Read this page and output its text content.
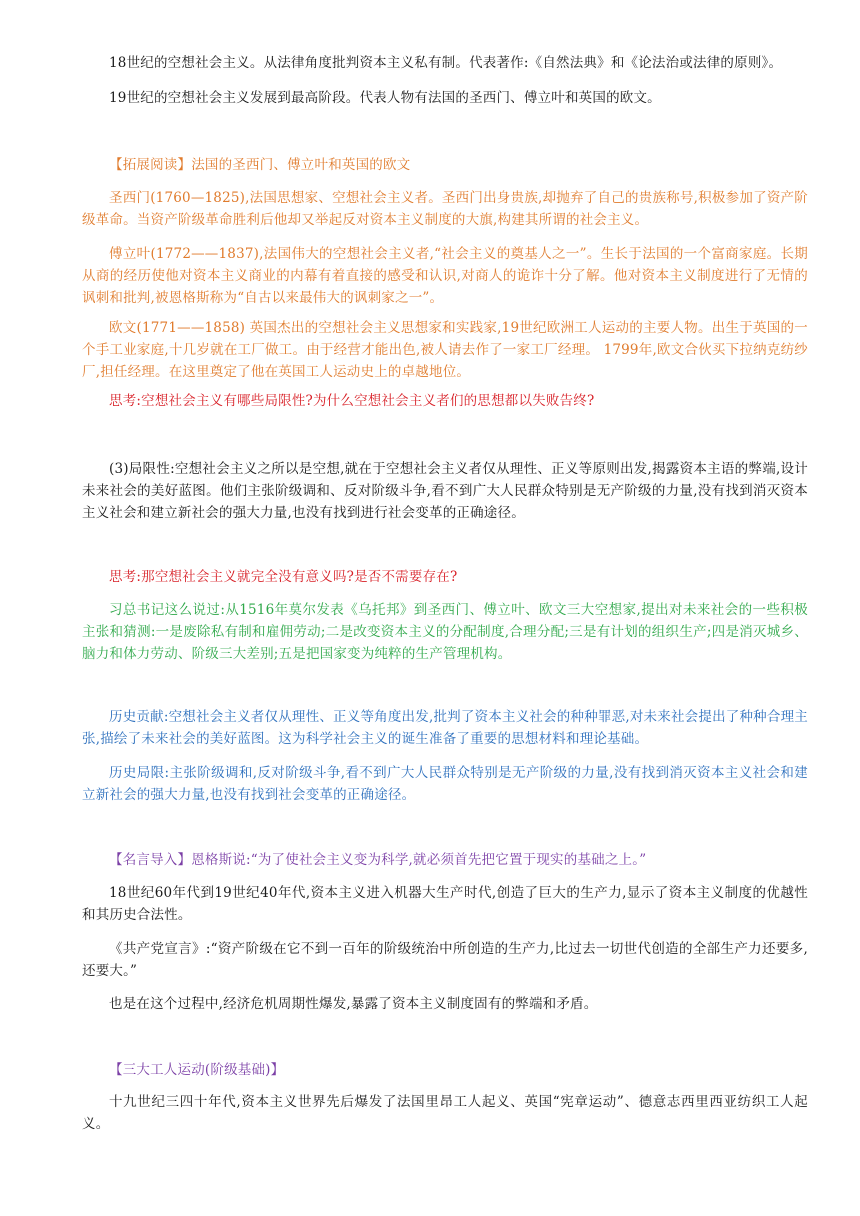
18世纪的空想社会主义。从法律角度批判资本主义私有制。代表著作:《自然法典》和《论法治或法律的原则》。

19世纪的空想社会主义发展到最高阶段。代表人物有法国的圣西门、傅立叶和英国的欧文。

【拓展阅读】法国的圣西门、傅立叶和英国的欧文

圣西门(1760—1825),法国思想家、空想社会主义者。圣西门出身贵族,却抛弃了自己的贵族称号,积极参加了资产阶级革命。当资产阶级革命胜利后他却又举起反对资本主义制度的大旗,构建其所谓的社会主义。

傅立叶(1772——1837),法国伟大的空想社会主义者,“社会主义的奠基人之一”。生长于法国的一个富商家庭。长期从商的经历使他对资本主义商业的内幕有着直接的感受和认识,对商人的诡诈十分了解。他对资本主义制度进行了无情的讽刺和批判,被恩格斯称为“自古以来最伟大的讽刺家之一”。

欧文(1771——1858) 英国杰出的空想社会主义思想家和实践家,19世纪欧洲工人运动的主要人物。出生于英国的一个手工业家庭,十几岁就在工厂做工。由于经营才能出色,被人请去作了一家工厂经理。 1799年,欧文合伙买下拉纳克纺纱厂,担任经理。在这里奠定了他在英国工人运动史上的卓越地位。

思考:空想社会主义有哪些局限性?为什么空想社会主义者们的思想都以失败告终?

(3)局限性:空想社会主义之所以是空想,就在于空想社会主义者仅从理性、正义等原则出发,揭露资本主语的弊端,设计未来社会的美好蓝图。他们主张阶级调和、反对阶级斗争,看不到广大人民群众特别是无产阶级的力量,没有找到消灭资本主义社会和建立新社会的强大力量,也没有找到进行社会变革的正确途径。

思考:那空想社会主义就完全没有意义吗?是否不需要存在?

习总书记这么说过:从1516年莫尔发表《乌托邦》到圣西门、傅立叶、欧文三大空想家,提出对未来社会的一些积极主张和猜测:一是废除私有制和雇佣劳动;二是改变资本主义的分配制度,合理分配;三是有计划的组织生产;四是消灭城乡、脑力和体力劳动、阶级三大差别;五是把国家变为纯粹的生产管理机构。

历史贡献:空想社会主义者仅从理性、正义等角度出发,批判了资本主义社会的种种罪恶,对未来社会提出了种种合理主张,描绘了未来社会的美好蓝图。这为科学社会主义的诞生准备了重要的思想材料和理论基础。

历史局限:主张阶级调和,反对阶级斗争,看不到广大人民群众特别是无产阶级的力量,没有找到消灭资本主义社会和建立新社会的强大力量,也没有找到社会变革的正确途径。

【名言导入】恩格斯说:“为了使社会主义变为科学,就必须首先把它置于现实的基础之上。”

18世纪60年代到19世纪40年代,资本主义进入机器大生产时代,创造了巨大的生产力,显示了资本主义制度的优越性和其历史合法性。

《共产党宣言》:“资产阶级在它不到一百年的阶级统治中所创造的生产力,比过去一切世代创造的全部生产力还要多,还要大。”

也是在这个过程中,经济危机周期性爆发,暴露了资本主义制度固有的弊端和矛盾。

【三大工人运动(阶级基础)】

十九世纪三四十年代,资本主义世界先后爆发了法国里昂工人起义、英国“宪章运动”、德意志西里西亚纺织工人起义。
